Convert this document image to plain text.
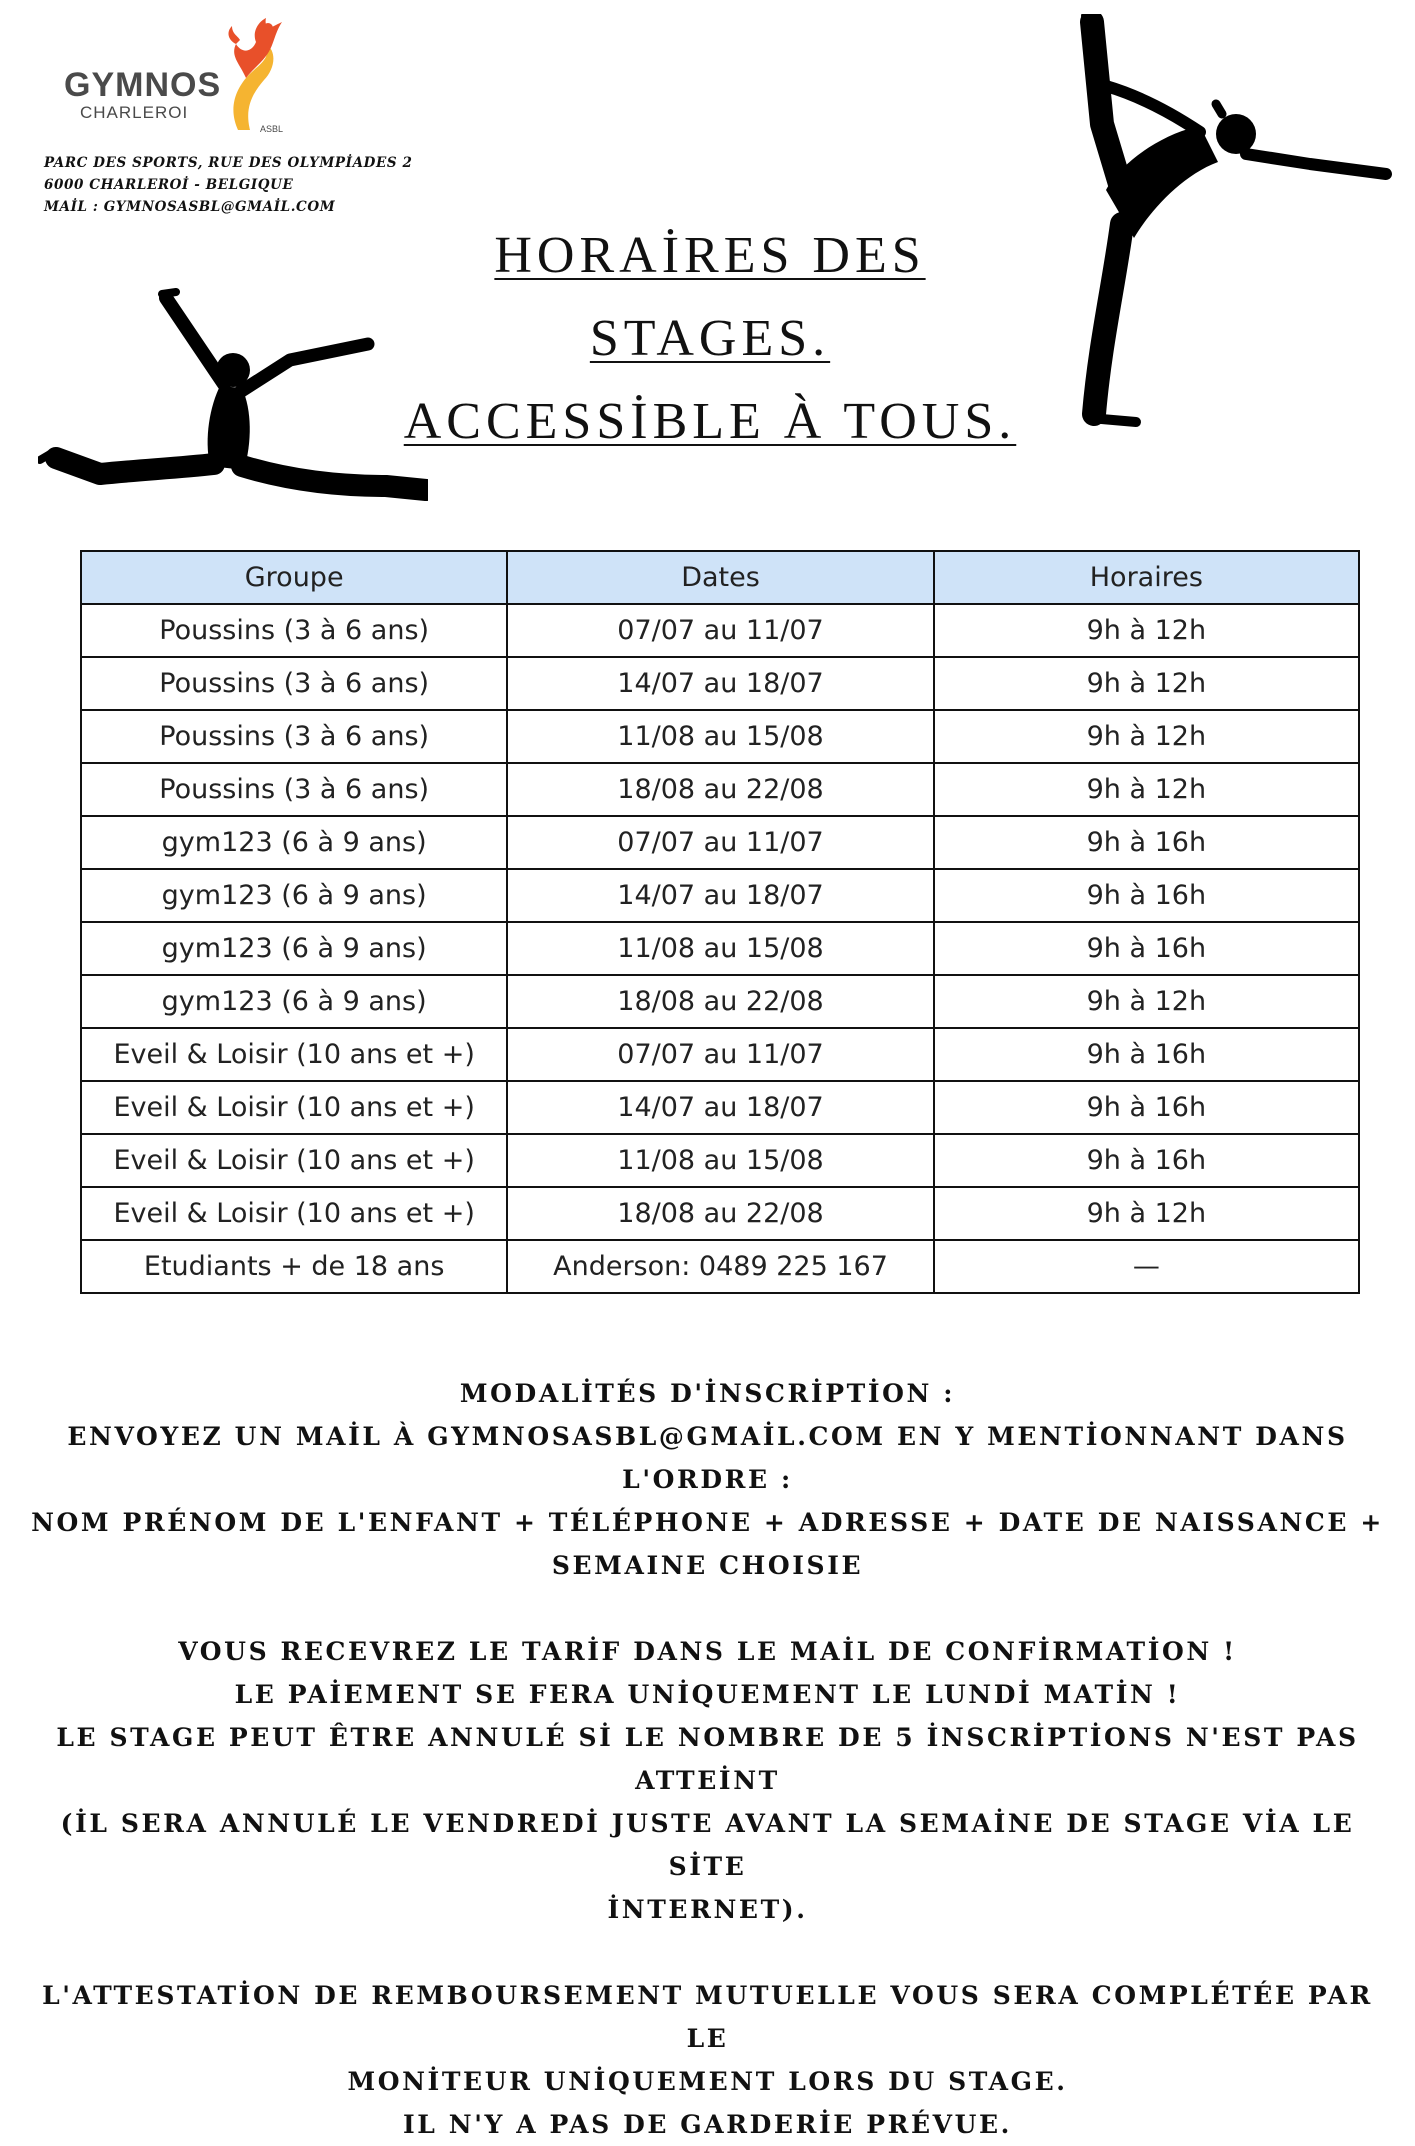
GYMNOS
CHARLEROI
ASBL
PARC DES SPORTS, RUE DES OLYMPİADES 2
6000 CHARLEROİ - BELGIQUE
MAİL : GYMNOSASBL@GMAİL.COM
HORAİRES DES
STAGES.
ACCESSİBLE À TOUS.
Groupe	Dates	Horaires
Poussins (3 à 6 ans)	07/07 au 11/07	9h à 12h
Poussins (3 à 6 ans)	14/07 au 18/07	9h à 12h
Poussins (3 à 6 ans)	11/08 au 15/08	9h à 12h
Poussins (3 à 6 ans)	18/08 au 22/08	9h à 12h
gym123 (6 à 9 ans)	07/07 au 11/07	9h à 16h
gym123 (6 à 9 ans)	14/07 au 18/07	9h à 16h
gym123 (6 à 9 ans)	11/08 au 15/08	9h à 16h
gym123 (6 à 9 ans)	18/08 au 22/08	9h à 12h
Eveil & Loisir (10 ans et +)	07/07 au 11/07	9h à 16h
Eveil & Loisir (10 ans et +)	14/07 au 18/07	9h à 16h
Eveil & Loisir (10 ans et +)	11/08 au 15/08	9h à 16h
Eveil & Loisir (10 ans et +)	18/08 au 22/08	9h à 12h
Etudiants + de 18 ans	Anderson: 0489 225 167	—
MODALİTÉS D'İNSCRİPTİON :
ENVOYEZ UN MAİL À GYMNOSASBL@GMAİL.COM EN Y MENTİONNANT DANS L'ORDRE :
NOM PRÉNOM DE L'ENFANT + TÉLÉPHONE + ADRESSE + DATE DE NAISSANCE +
SEMAINE CHOISIE
VOUS RECEVREZ LE TARİF DANS LE MAİL DE CONFİRMATİON !
LE PAİEMENT SE FERA UNİQUEMENT LE LUNDİ MATİN !
LE STAGE PEUT ÊTRE ANNULÉ Sİ LE NOMBRE DE 5 İNSCRİPTİONS N'EST PAS ATTEİNT
(İL SERA ANNULÉ LE VENDREDİ JUSTE AVANT LA SEMAİNE DE STAGE VİA LE SİTE
İNTERNET).
L'ATTESTATİON DE REMBOURSEMENT MUTUELLE VOUS SERA COMPLÉTÉE PAR LE
MONİTEUR UNİQUEMENT LORS DU STAGE.
IL N'Y A PAS DE GARDERİE PRÉVUE.
